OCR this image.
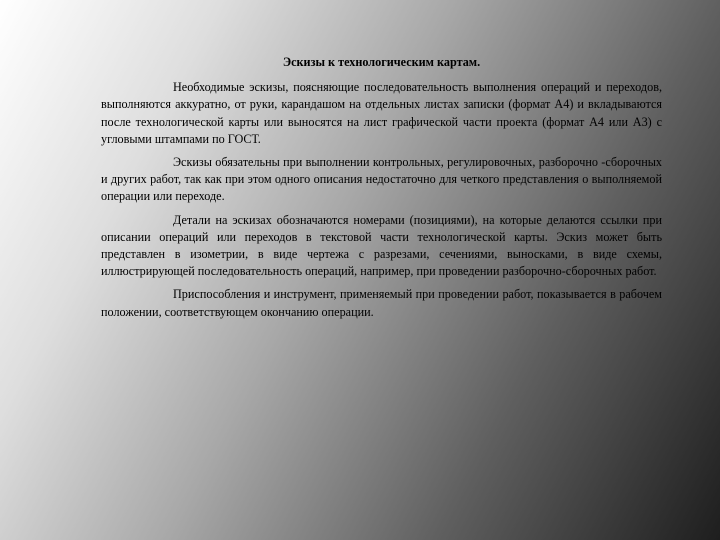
Эскизы к технологическим картам.

Необходимые эскизы, поясняющие последовательность выполнения операций и переходов, выполняются аккуратно, от руки, карандашом на отдельных листах записки (формат А4) и вкладываются после технологической карты или выносятся на лист графической части проекта (формат А4 или А3) с угловыми штампами по ГОСТ.

Эскизы обязательны при выполнении контрольных, регулировочных, разборочно -сборочных и других работ, так как при этом одного описания недостаточно для четкого представления о выполняемой операции или переходе.

Детали на эскизах обозначаются номерами (позициями), на которые делаются ссылки при описании операций или переходов в текстовой части технологической карты. Эскиз может быть представлен в изометрии, в виде чертежа с разрезами, сечениями, выносками, в виде схемы, иллюстрирующей последовательность операций, например, при проведении разборочно-сборочных работ.

Приспособления и инструмент, применяемый при проведении работ, показывается в рабочем положении, соответствующем окончанию операции.
